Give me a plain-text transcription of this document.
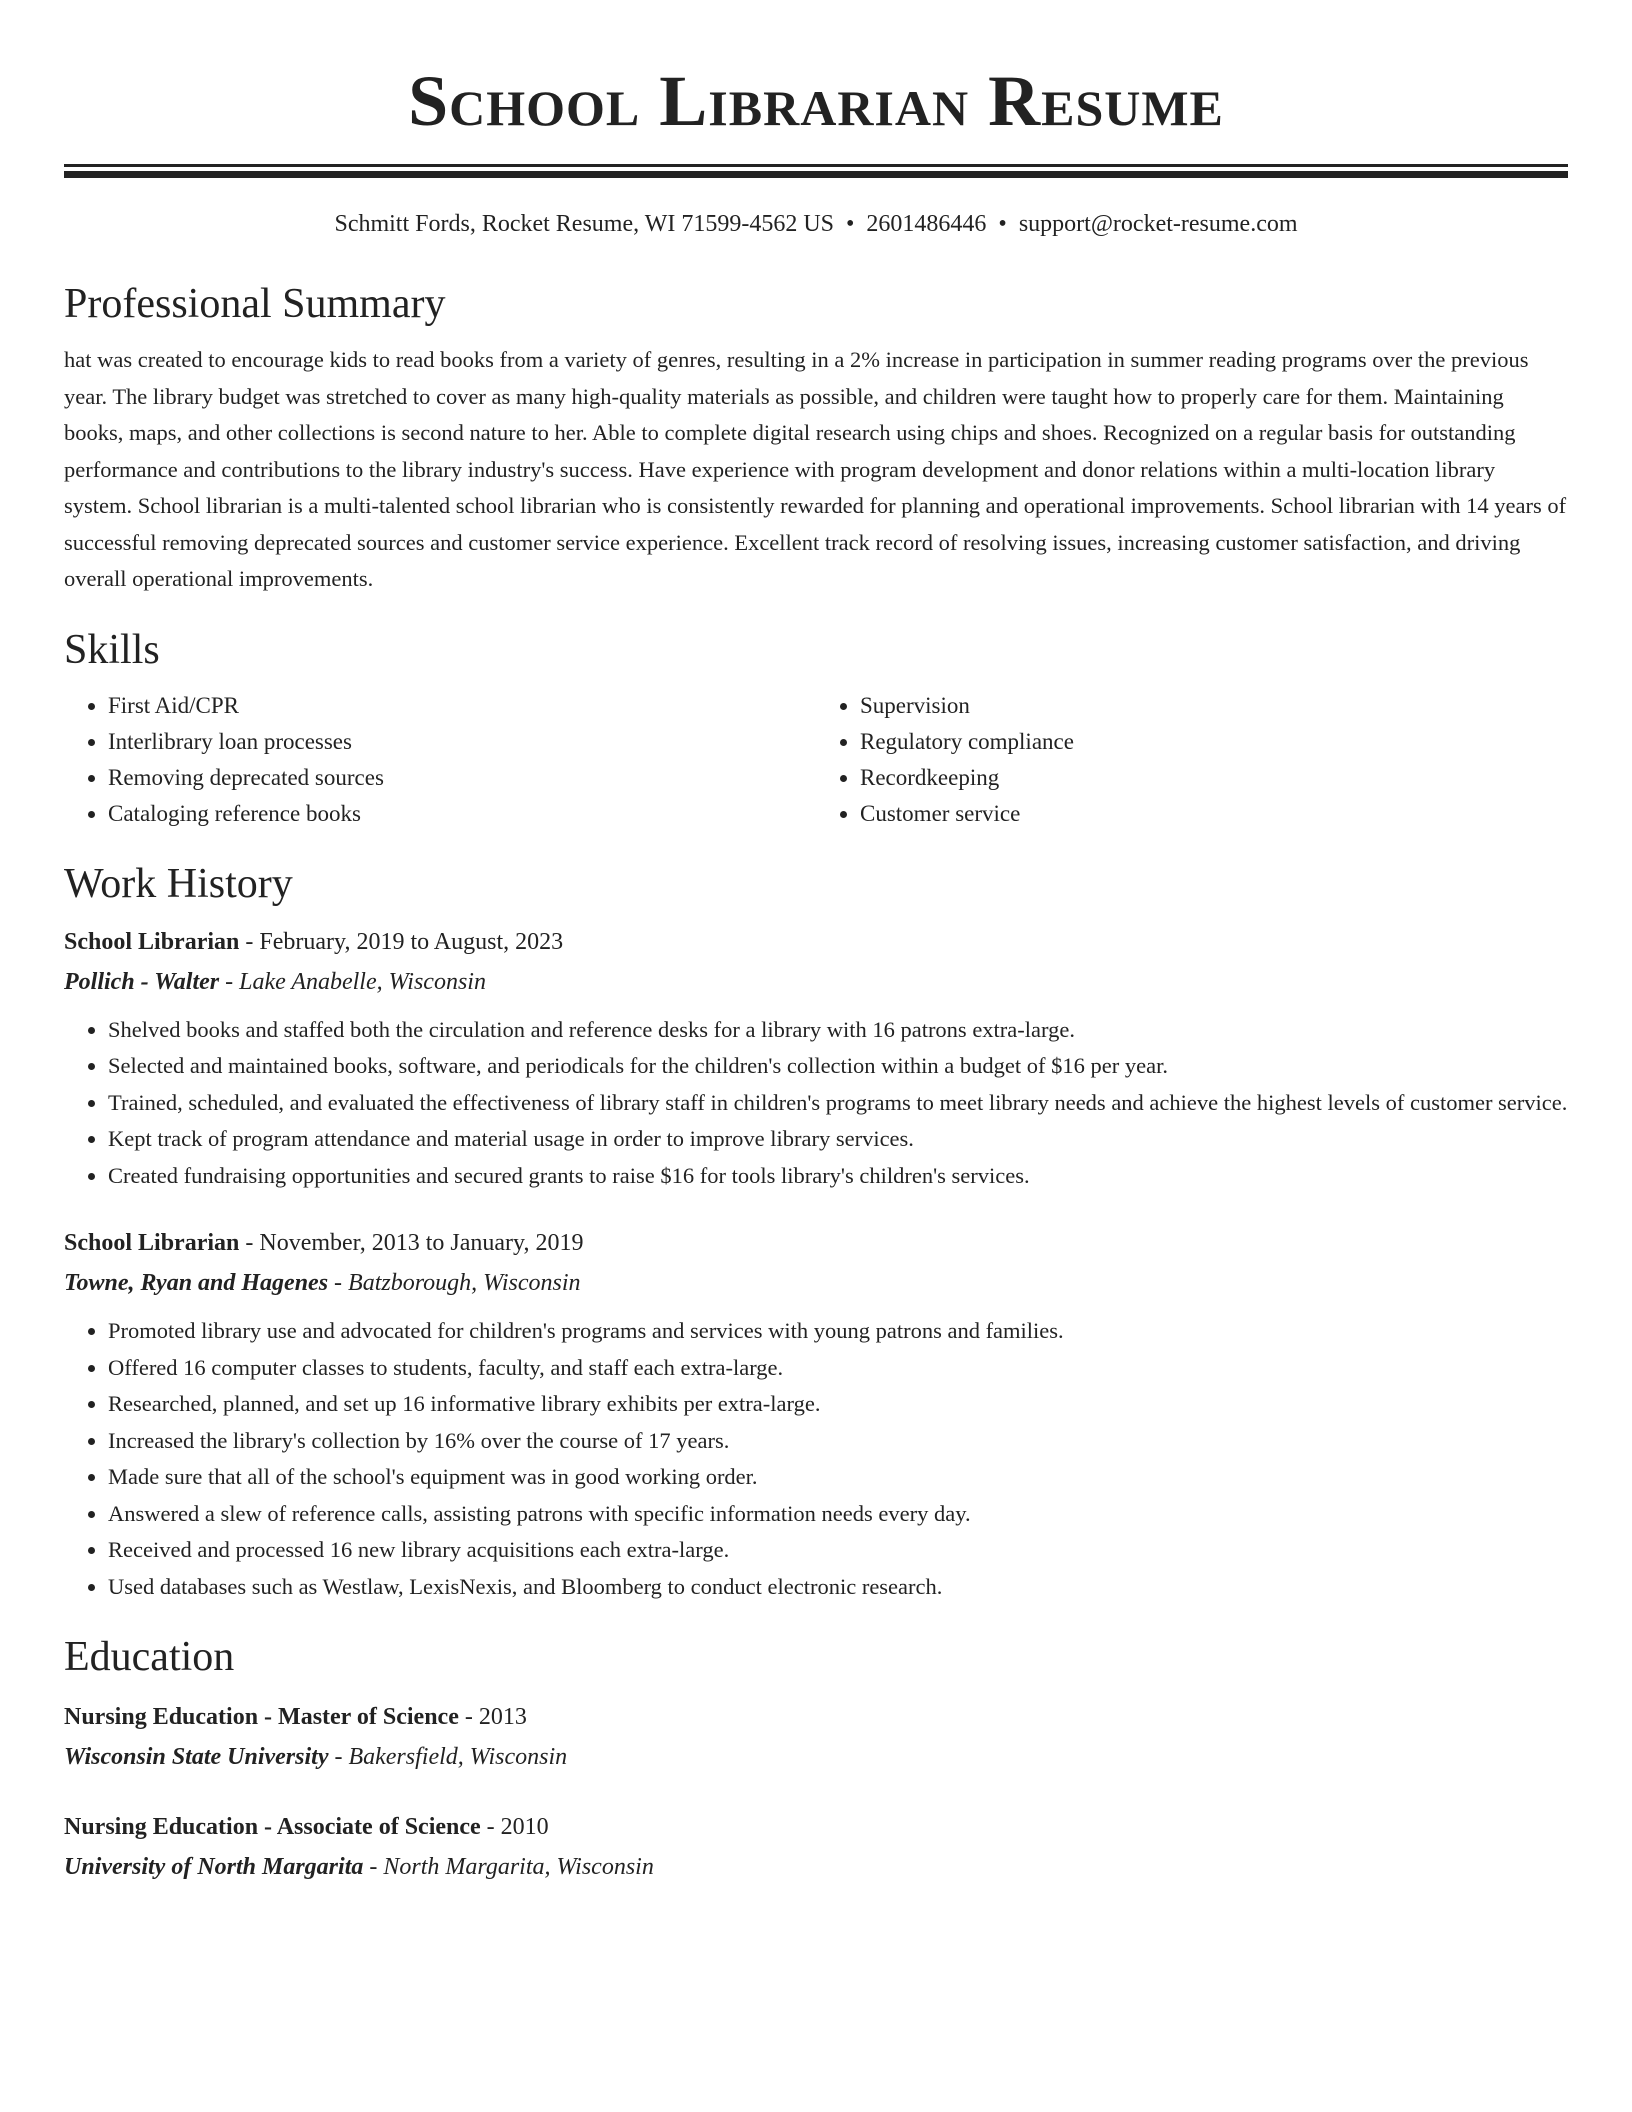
School Librarian Resume
Schmitt Fords, Rocket Resume, WI 71599-4562 US • 2601486446 • support@rocket-resume.com
Professional Summary

hat was created to encourage kids to read books from a variety of genres, resulting in a 2% increase in participation in summer reading programs over the previous year. The library budget was stretched to cover as many high-quality materials as possible, and children were taught how to properly care for them. Maintaining books, maps, and other collections is second nature to her. Able to complete digital research using chips and shoes. Recognized on a regular basis for outstanding performance and contributions to the library industry's success. Have experience with program development and donor relations within a multi-location library system. School librarian is a multi-talented school librarian who is consistently rewarded for planning and operational improvements. School librarian with 14 years of successful removing deprecated sources and customer service experience. Excellent track record of resolving issues, increasing customer satisfaction, and driving overall operational improvements.

Skills
• First Aid/CPR
• Interlibrary loan processes
• Removing deprecated sources
• Cataloging reference books
• Supervision
• Regulatory compliance
• Recordkeeping
• Customer service
Work History
School Librarian - February, 2019 to August, 2023
Pollich - Walter - Lake Anabelle, Wisconsin
• Shelved books and staffed both the circulation and reference desks for a library with 16 patrons extra-large.
• Selected and maintained books, software, and periodicals for the children's collection within a budget of $16 per year.
• Trained, scheduled, and evaluated the effectiveness of library staff in children's programs to meet library needs and achieve the highest levels of customer service.
• Kept track of program attendance and material usage in order to improve library services.
• Created fundraising opportunities and secured grants to raise $16 for tools library's children's services.
School Librarian - November, 2013 to January, 2019
Towne, Ryan and Hagenes - Batzborough, Wisconsin
• Promoted library use and advocated for children's programs and services with young patrons and families.
• Offered 16 computer classes to students, faculty, and staff each extra-large.
• Researched, planned, and set up 16 informative library exhibits per extra-large.
• Increased the library's collection by 16% over the course of 17 years.
• Made sure that all of the school's equipment was in good working order.
• Answered a slew of reference calls, assisting patrons with specific information needs every day.
• Received and processed 16 new library acquisitions each extra-large.
• Used databases such as Westlaw, LexisNexis, and Bloomberg to conduct electronic research.
Education
Nursing Education - Master of Science - 2013
Wisconsin State University - Bakersfield, Wisconsin
Nursing Education - Associate of Science - 2010
University of North Margarita - North Margarita, Wisconsin
